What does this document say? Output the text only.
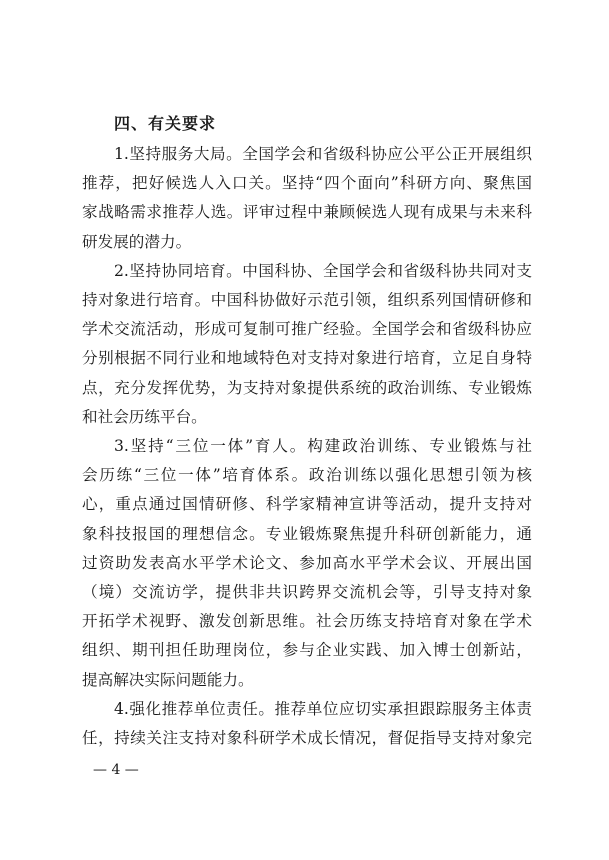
四、有关要求

1.坚持服务大局。全国学会和省级科协应公平公正开展组织
推荐，把好候选人入口关。坚持“四个面向”科研方向、聚焦国
家战略需求推荐人选。评审过程中兼顾候选人现有成果与未来科
研发展的潜力。

2.坚持协同培育。中国科协、全国学会和省级科协共同对支
持对象进行培育。中国科协做好示范引领，组织系列国情研修和
学术交流活动，形成可复制可推广经验。全国学会和省级科协应
分别根据不同行业和地域特色对支持对象进行培育，立足自身特
点，充分发挥优势，为支持对象提供系统的政治训练、专业锻炼
和社会历练平台。

3.坚持“三位一体”育人。构建政治训练、专业锻炼与社
会历练“三位一体”培育体系。政治训练以强化思想引领为核
心，重点通过国情研修、科学家精神宣讲等活动，提升支持对
象科技报国的理想信念。专业锻炼聚焦提升科研创新能力，通
过资助发表高水平学术论文、参加高水平学术会议、开展出国
（境）交流访学，提供非共识跨界交流机会等，引导支持对象
开拓学术视野、激发创新思维。社会历练支持培育对象在学术
组织、期刊担任助理岗位，参与企业实践、加入博士创新站，
提高解决实际问题能力。

4.强化推荐单位责任。推荐单位应切实承担跟踪服务主体责
任，持续关注支持对象科研学术成长情况，督促指导支持对象完

— 4 —
